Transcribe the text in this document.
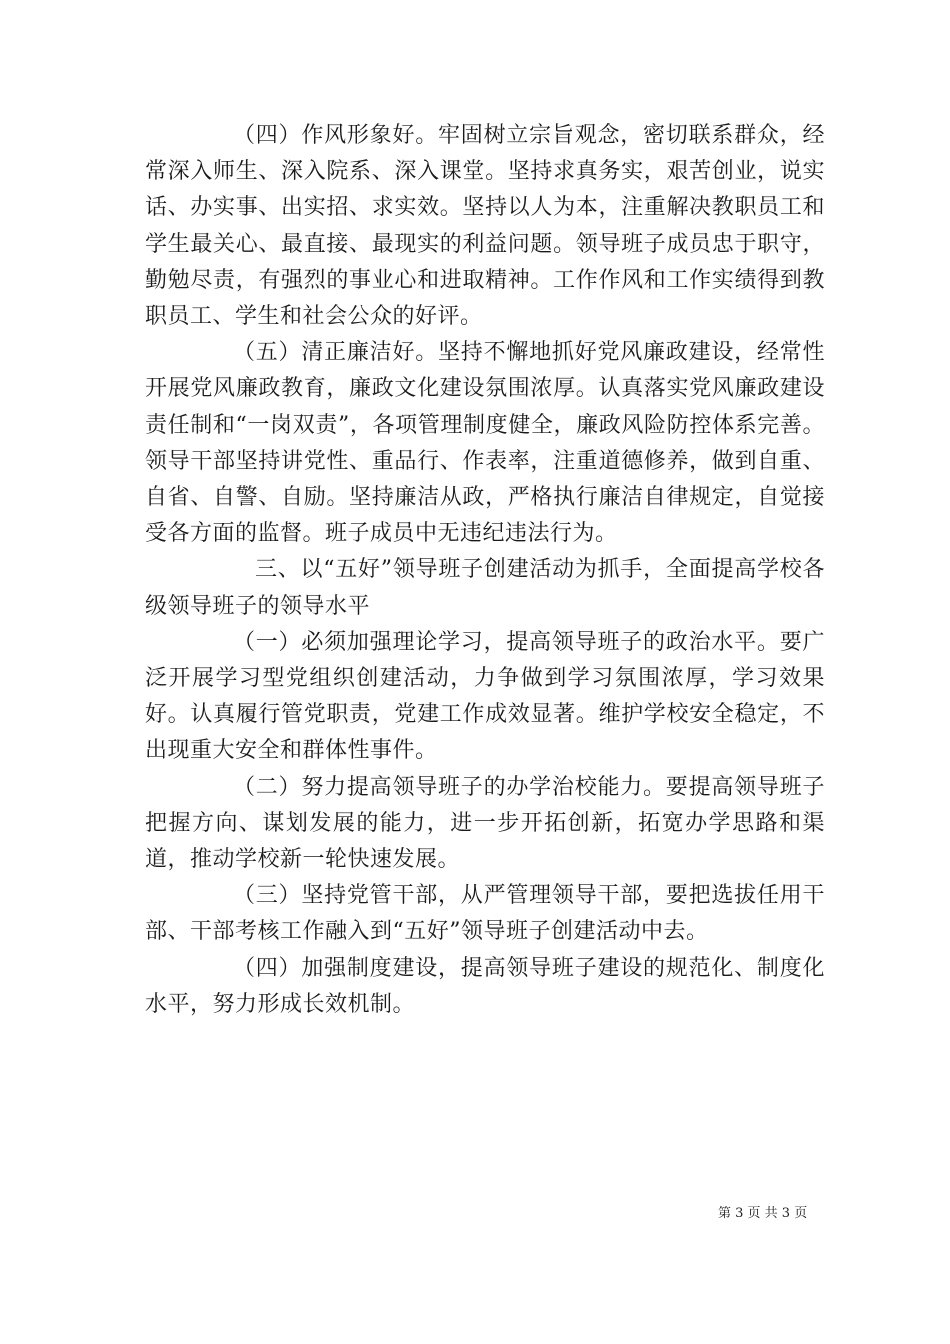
（四）作风形象好。牢固树立宗旨观念，密切联系群众，经常深入师生、深入院系、深入课堂。坚持求真务实，艰苦创业，说实话、办实事、出实招、求实效。坚持以人为本，注重解决教职员工和学生最关心、最直接、最现实的利益问题。领导班子成员忠于职守，勤勉尽责，有强烈的事业心和进取精神。工作作风和工作实绩得到教职员工、学生和社会公众的好评。

（五）清正廉洁好。坚持不懈地抓好党风廉政建设，经常性开展党风廉政教育，廉政文化建设氛围浓厚。认真落实党风廉政建设责任制和“一岗双责”，各项管理制度健全，廉政风险防控体系完善。领导干部坚持讲党性、重品行、作表率，注重道德修养，做到自重、自省、自警、自励。坚持廉洁从政，严格执行廉洁自律规定，自觉接受各方面的监督。班子成员中无违纪违法行为。

三、以“五好”领导班子创建活动为抓手，全面提高学校各级领导班子的领导水平

（一）必须加强理论学习，提高领导班子的政治水平。要广泛开展学习型党组织创建活动，力争做到学习氛围浓厚，学习效果好。认真履行管党职责，党建工作成效显著。维护学校安全稳定，不出现重大安全和群体性事件。

（二）努力提高领导班子的办学治校能力。要提高领导班子把握方向、谋划发展的能力，进一步开拓创新，拓宽办学思路和渠道，推动学校新一轮快速发展。

（三）坚持党管干部，从严管理领导干部，要把选拔任用干部、干部考核工作融入到“五好”领导班子创建活动中去。

（四）加强制度建设，提高领导班子建设的规范化、制度化水平，努力形成长效机制。

第 3 页 共 3 页
